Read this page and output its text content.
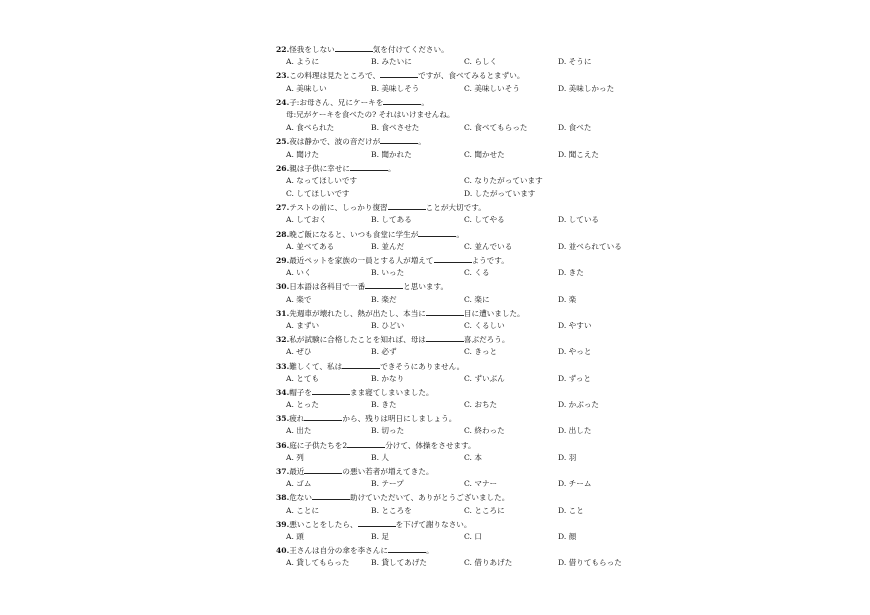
22.怪我をしない	気を付けてください。
A. ように	B. みたいに	C. らしく	D. そうに
23.この料理は見たところで、	ですが、食べてみるとまずい。
A. 美味しい	B. 美味しそう	C. 美味しいそう	D. 美味しかった
24.子:お母さん、兄にケーキを	。
母:兄がケーキを食べたの? それはいけませんね。
A. 食べられた	B. 食べさせた	C. 食べてもらった	D. 食べた
25.夜は静かで、波の音だけが	。
A. 聞けた	B. 聞かれた	C. 聞かせた	D. 聞こえた
26.親は子供に幸せに	。
A. なってほしいです	C. なりたがっています
C. してほしいです	D. したがっています
27.テストの前に、しっかり復習	ことが大切です。
A. しておく	B. してある	C. してやる	D. している
28.晩ご飯になると、いつも食堂に学生が	。
A. 並べてある	B. 並んだ	C. 並んでいる	D. 並べられている
29.最近ペットを家族の一員とする人が増えて	ようです。
A. いく	B. いった	C. くる	D. きた
30.日本語は各科目で一番	と思います。
A. 楽で	B. 楽だ	C. 楽に	D. 楽
31.先週車が壊れたし、熱が出たし、本当に	目に遭いました。
A. まずい	B. ひどい	C. くるしい	D. やすい
32.私が試験に合格したことを知れば、母は	喜ぶだろう。
A. ぜひ	B. 必ず	C. きっと	D. やっと
33.難しくて、私は	できそうにありません。
A. とても	B. かなり	C. ずいぶん	D. ずっと
34.帽子を	まま寝てしまいました。
A. とった	B. きた	C. おちた	D. かぶった
35.疲れ	から、残りは明日にしましょう。
A. 出た	B. 切った	C. 終わった	D. 出した
36.庭に子供たちを2	分けて、体操をさせます。
A. 列	B. 人	C. 本	D. 羽
37.最近	の悪い若者が増えてきた。
A. ゴム	B. テープ	C. マナー	D. チーム
38.危ない	助けていただいて、ありがとうございました。
A. ことに	B. ところを	C. ところに	D. こと
39.悪いことをしたら、	を下げて謝りなさい。
A. 頭	B. 足	C. 口	D. 顔
40.王さんは自分の傘を李さんに	。
A. 貸してもらった	B. 貸してあげた	C. 借りあげた	D. 借りてもらった
